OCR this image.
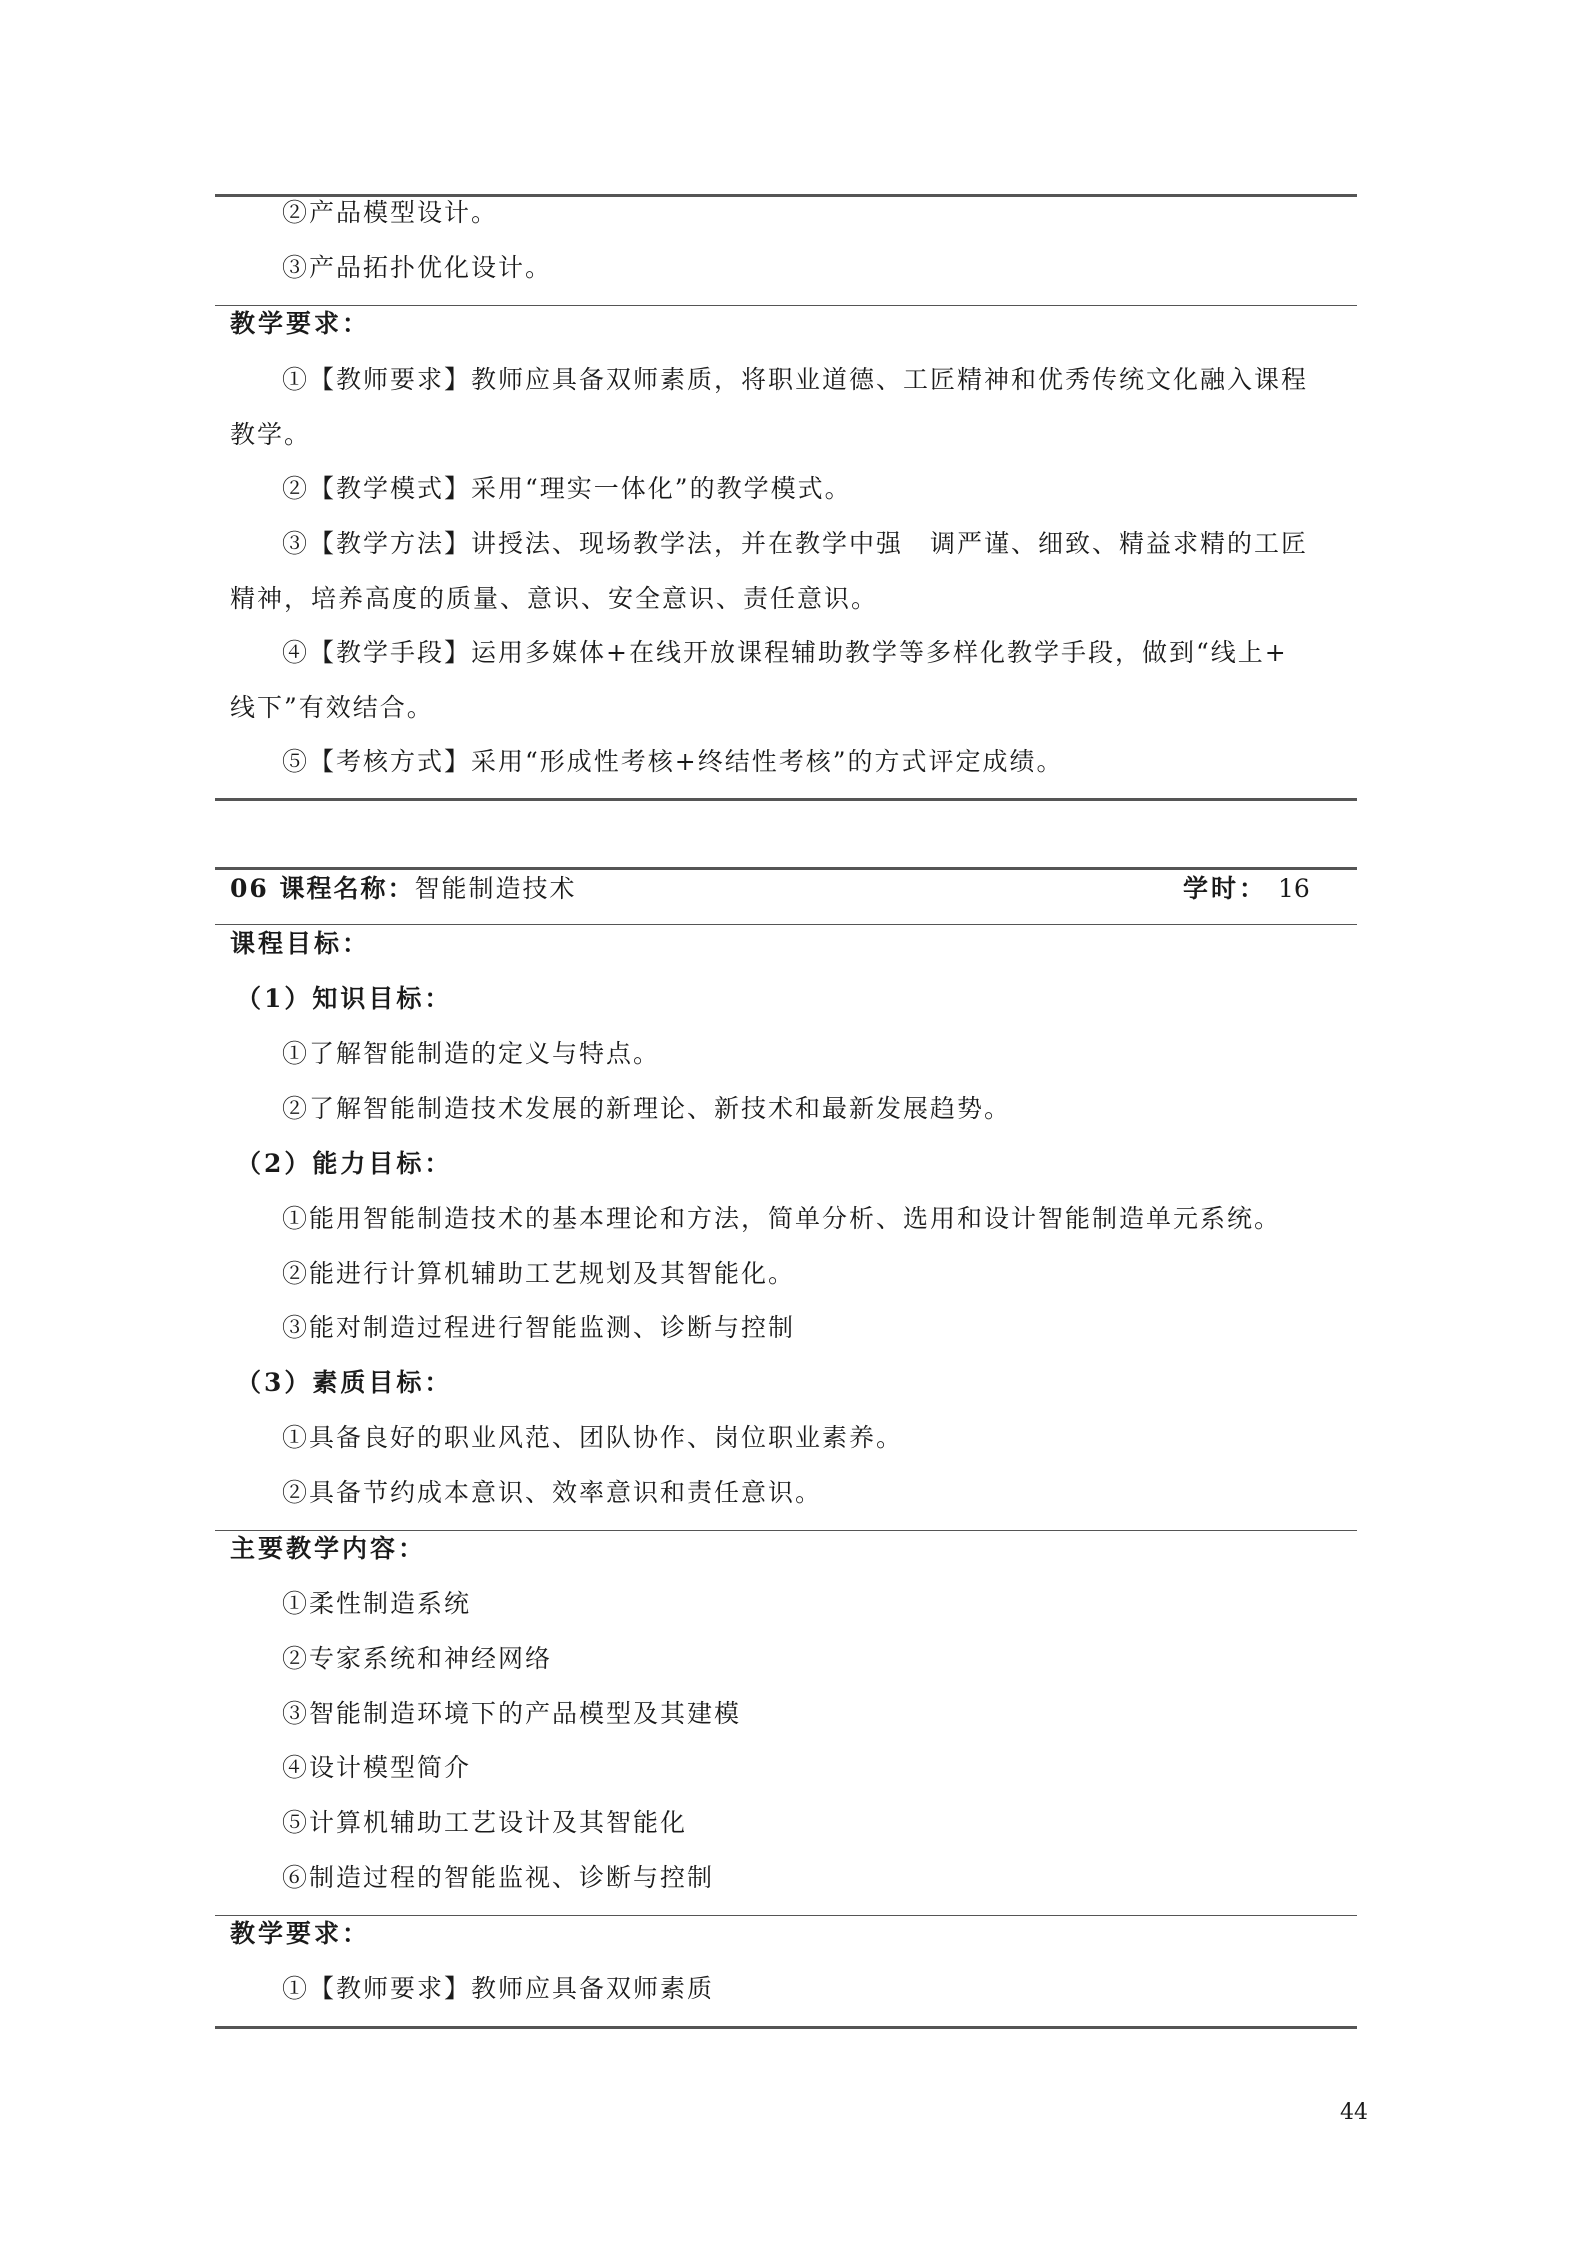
②产品模型设计。
③产品拓扑优化设计。
教学要求：
①【教师要求】教师应具备双师素质，将职业道德、工匠精神和优秀传统文化融入课程
教学。
②【教学模式】采用“理实一体化”的教学模式。
③【教学方法】讲授法、现场教学法，并在教学中强　调严谨、细致、精益求精的工匠
精神，培养高度的质量、意识、安全意识、责任意识。
④【教学手段】运用多媒体+在线开放课程辅助教学等多样化教学手段，做到“线上+
线下”有效结合。
⑤【考核方式】采用“形成性考核+终结性考核”的方式评定成绩。
06 课程名称：智能制造技术	学时： 16
课程目标：
（1）知识目标：
①了解智能制造的定义与特点。
②了解智能制造技术发展的新理论、新技术和最新发展趋势。
（2）能力目标：
①能用智能制造技术的基本理论和方法，简单分析、选用和设计智能制造单元系统。
②能进行计算机辅助工艺规划及其智能化。
③能对制造过程进行智能监测、诊断与控制
（3）素质目标：
①具备良好的职业风范、团队协作、岗位职业素养。
②具备节约成本意识、效率意识和责任意识。
主要教学内容：
①柔性制造系统
②专家系统和神经网络
③智能制造环境下的产品模型及其建模
④设计模型简介
⑤计算机辅助工艺设计及其智能化
⑥制造过程的智能监视、诊断与控制
教学要求：
①【教师要求】教师应具备双师素质
44
